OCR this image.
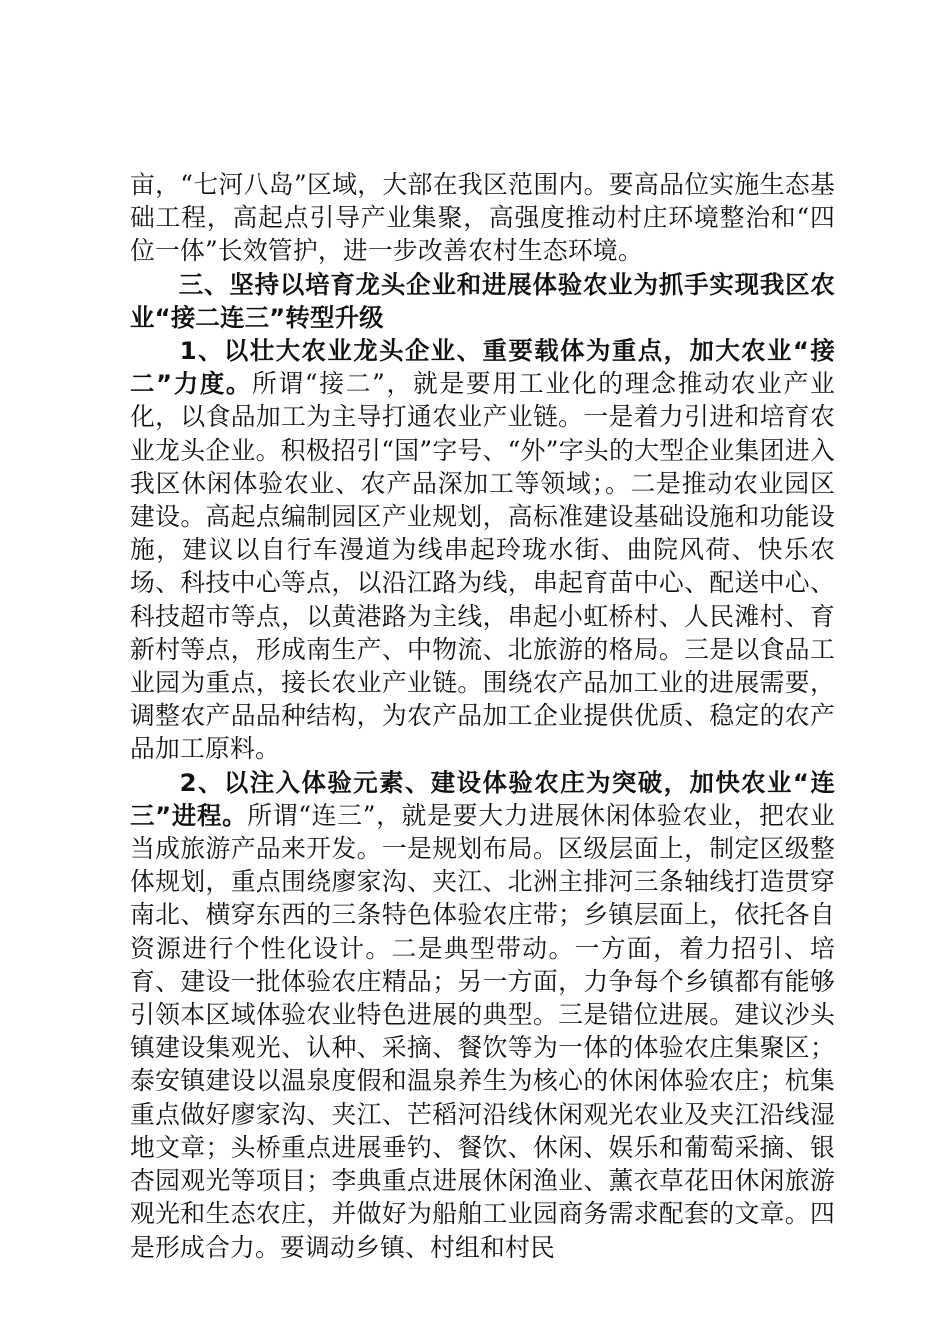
亩，“七河八岛”区域，大部在我区范围内。要高品位实施生态基础工程，高起点引导产业集聚，高强度推动村庄环境整治和“四位一体”长效管护，进一步改善农村生态环境。

三、坚持以培育龙头企业和进展体验农业为抓手实现我区农业“接二连三”转型升级

1、以壮大农业龙头企业、重要载体为重点，加大农业“接二”力度。所谓“接二”，就是要用工业化的理念推动农业产业化，以食品加工为主导打通农业产业链。一是着力引进和培育农业龙头企业。积极招引“国”字号、“外”字头的大型企业集团进入我区休闲体验农业、农产品深加工等领域；。二是推动农业园区建设。高起点编制园区产业规划，高标准建设基础设施和功能设施，建议以自行车漫道为线串起玲珑水街、曲院风荷、快乐农场、科技中心等点，以沿江路为线，串起育苗中心、配送中心、科技超市等点，以黄港路为主线，串起小虹桥村、人民滩村、育新村等点，形成南生产、中物流、北旅游的格局。三是以食品工业园为重点，接长农业产业链。围绕农产品加工业的进展需要，调整农产品品种结构，为农产品加工企业提供优质、稳定的农产品加工原料。

2、以注入体验元素、建设体验农庄为突破，加快农业“连三”进程。所谓“连三”，就是要大力进展休闲体验农业，把农业当成旅游产品来开发。一是规划布局。区级层面上，制定区级整体规划，重点围绕廖家沟、夹江、北洲主排河三条轴线打造贯穿南北、横穿东西的三条特色体验农庄带；乡镇层面上，依托各自资源进行个性化设计。二是典型带动。一方面，着力招引、培育、建设一批体验农庄精品；另一方面，力争每个乡镇都有能够引领本区域体验农业特色进展的典型。三是错位进展。建议沙头镇建设集观光、认种、采摘、餐饮等为一体的体验农庄集聚区；泰安镇建设以温泉度假和温泉养生为核心的休闲体验农庄；杭集重点做好廖家沟、夹江、芒稻河沿线休闲观光农业及夹江沿线湿地文章；头桥重点进展垂钓、餐饮、休闲、娱乐和葡萄采摘、银杏园观光等项目；李典重点进展休闲渔业、薰衣草花田休闲旅游观光和生态农庄，并做好为船舶工业园商务需求配套的文章。四是形成合力。要调动乡镇、村组和村民
